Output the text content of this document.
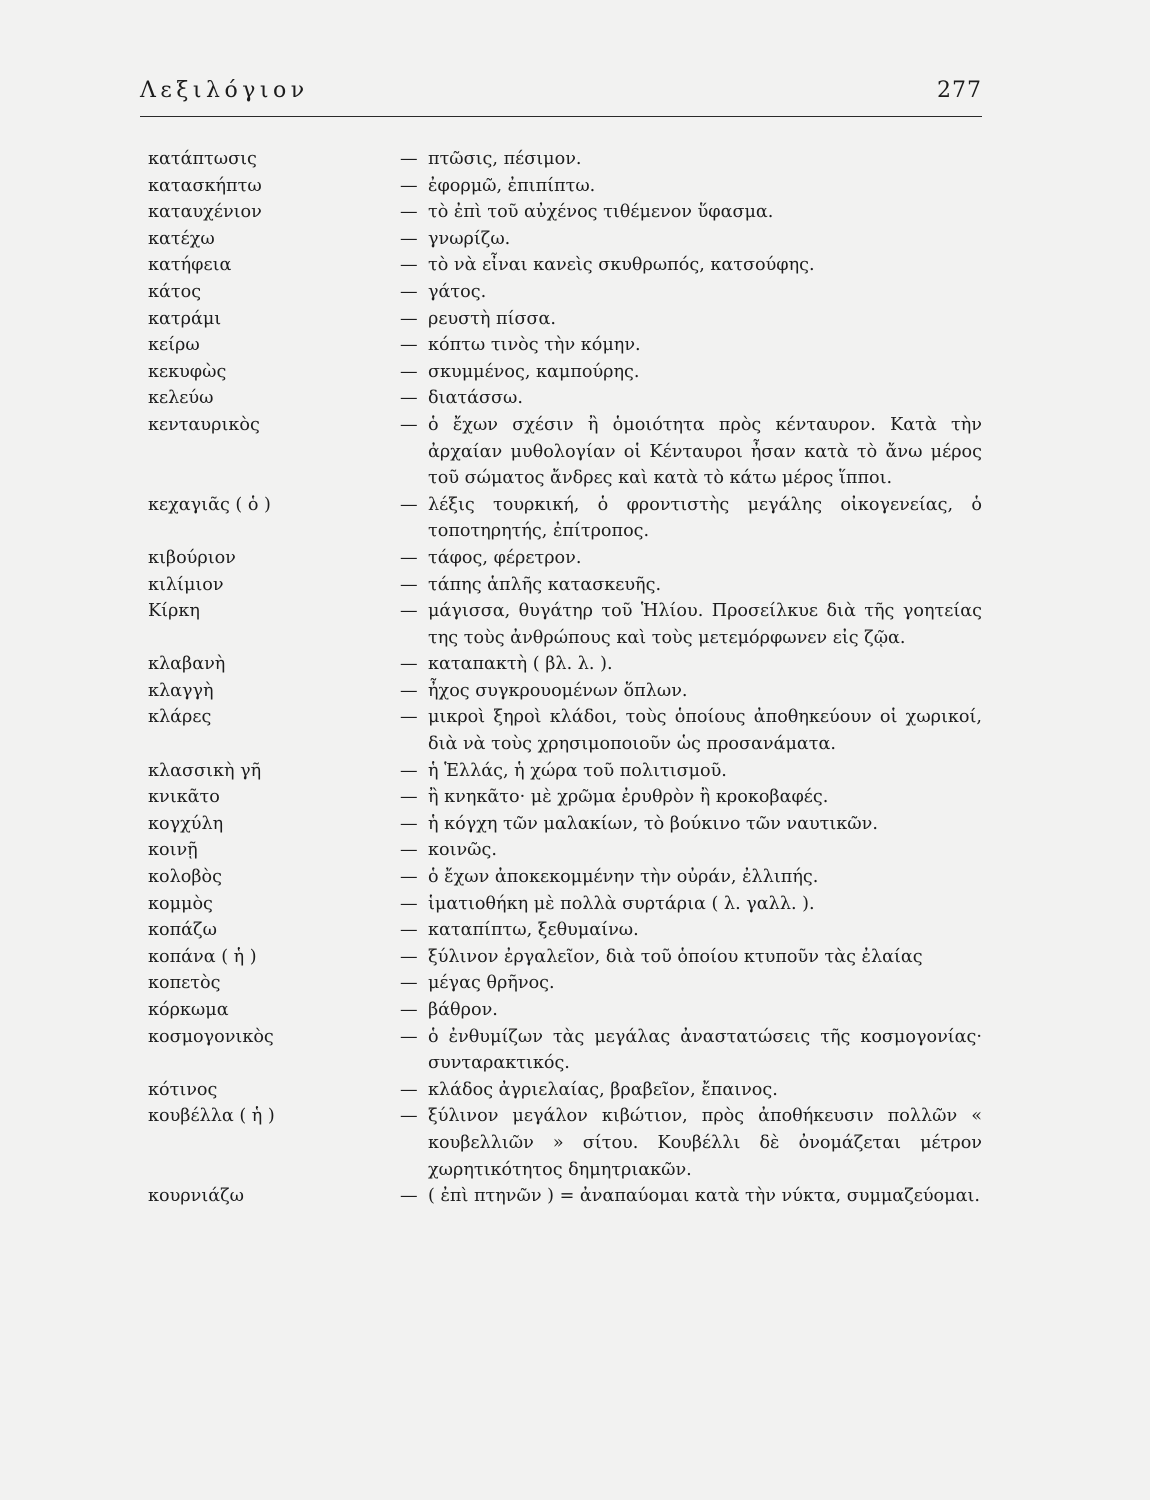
Λεξιλόγιον	277
κατάπτωσις	— πτῶσις, πέσιμον.
κατασκήπτω	— ἐφορμῶ, ἐπιπίπτω.
καταυχένιον	— τὸ ἐπὶ τοῦ αὐχένος τιθέμενον ὕφασμα.
κατέχω	— γνωρίζω.
κατήφεια	— τὸ νὰ εἶναι κανεὶς σκυθρωπός, κατσούφης.
κάτος	— γάτος.
κατράμι	— ρευστὴ πίσσα.
κείρω	— κόπτω τινὸς τὴν κόμην.
κεκυφὼς	— σκυμμένος, καμπούρης.
κελεύω	— διατάσσω.
κενταυρικὸς	— ὁ ἔχων σχέσιν ἢ ὁμοιότητα πρὸς κένταυρον. Κατὰ τὴν ἀρχαίαν μυθολογίαν οἱ Κένταυροι ἦσαν κατὰ τὸ ἄνω μέρος τοῦ σώματος ἄνδρες καὶ κατὰ τὸ κάτω μέρος ἵπποι.
κεχαγιᾶς ( ὁ )	— λέξις τουρκική, ὁ φροντιστὴς μεγάλης οἰκογενείας, ὁ τοποτηρητής, ἐπίτροπος.
κιβούριον	— τάφος, φέρετρον.
κιλίμιον	— τάπης ἁπλῆς κατασκευῆς.
Κίρκη	— μάγισσα, θυγάτηρ τοῦ Ἡλίου. Προσείλκυε διὰ τῆς γοητείας της τοὺς ἀνθρώπους καὶ τοὺς μετεμόρφωνεν εἰς ζῷα.
κλαβανὴ	— καταπακτὴ ( βλ. λ. ).
κλαγγὴ	— ἦχος συγκρουομένων ὅπλων.
κλάρες	— μικροὶ ξηροὶ κλάδοι, τοὺς ὁποίους ἀποθηκεύουν οἱ χωρικοί, διὰ νὰ τοὺς χρησιμοποιοῦν ὡς προσανάματα.
κλασσικὴ γῆ	— ἡ Ἑλλάς, ἡ χώρα τοῦ πολιτισμοῦ.
κνικᾶτο	— ἢ κνηκᾶτο· μὲ χρῶμα ἐρυθρὸν ἢ κροκοβαφές.
κογχύλη	— ἡ κόγχη τῶν μαλακίων, τὸ βούκινο τῶν ναυτικῶν.
κοινῇ	— κοινῶς.
κολοβὸς	— ὁ ἔχων ἀποκεκομμένην τὴν οὐράν, ἐλλιπής.
κομμὸς	— ἱματιοθήκη μὲ πολλὰ συρτάρια ( λ. γαλλ. ).
κοπάζω	— καταπίπτω, ξεθυμαίνω.
κοπάνα ( ἡ )	— ξύλινον ἐργαλεῖον, διὰ τοῦ ὁποίου κτυποῦν τὰς ἐλαίας
κοπετὸς	— μέγας θρῆνος.
κόρκωμα	— βάθρον.
κοσμογονικὸς	— ὁ ἐνθυμίζων τὰς μεγάλας ἀναστατώσεις τῆς κοσμογονίας· συνταρακτικός.
κότινος	— κλάδος ἀγριελαίας, βραβεῖον, ἔπαινος.
κουβέλλα ( ἡ )	— ξύλινον μεγάλον κιβώτιον, πρὸς ἀποθήκευσιν πολλῶν « κουβελλιῶν » σίτου. Κουβέλλι δὲ ὀνομάζεται μέτρον χωρητικότητος δημητριακῶν.
κουρνιάζω	— ( ἐπὶ πτηνῶν ) = ἀναπαύομαι κατὰ τὴν νύκτα, συμμαζεύομαι.
